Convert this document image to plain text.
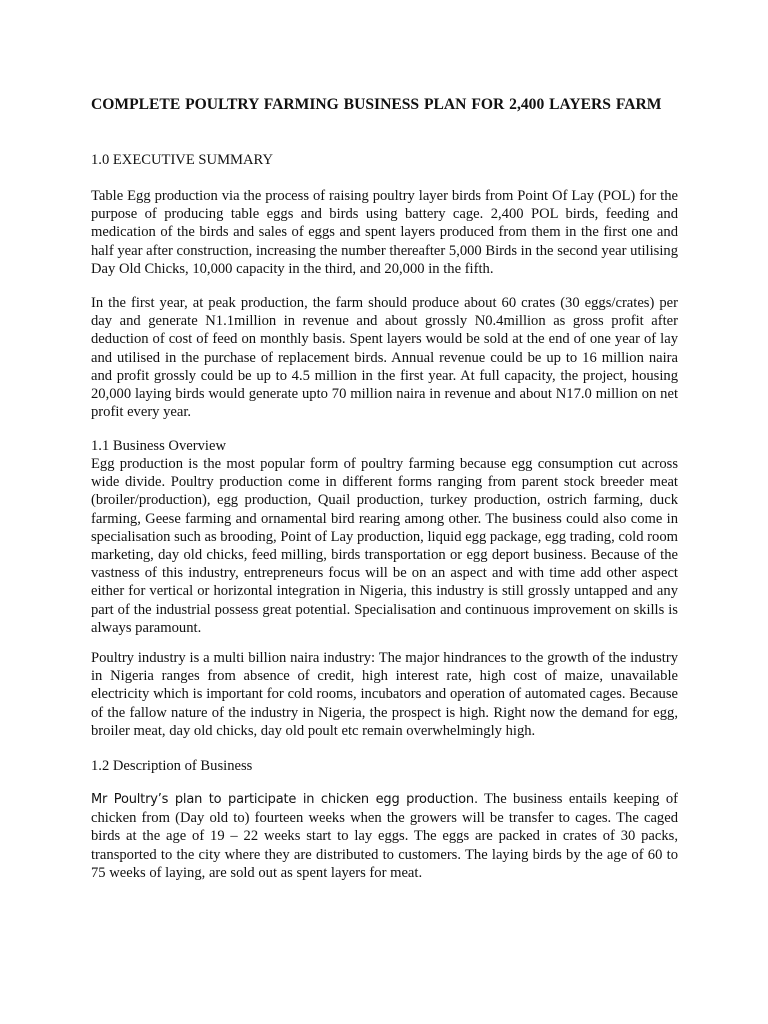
COMPLETE POULTRY FARMING BUSINESS PLAN FOR 2,400 LAYERS FARM
1.0 EXECUTIVE SUMMARY

Table Egg production via the process of raising poultry layer birds from Point Of Lay (POL) for the purpose of producing table eggs and birds using battery cage. 2,400 POL birds, feeding and medication of the birds and sales of eggs and spent layers produced from them in the first one and half year after construction, increasing the number thereafter 5,000 Birds in the second year utilising Day Old Chicks, 10,000 capacity in the third, and 20,000 in the fifth.

In the first year, at peak production, the farm should produce about 60 crates (30 eggs/crates) per day and generate N1.1million in revenue and about grossly N0.4million as gross profit after deduction of cost of feed on monthly basis. Spent layers would be sold at the end of one year of lay and utilised in the purchase of replacement birds. Annual revenue could be up to 16 million naira and profit grossly could be up to 4.5 million in the first year. At full capacity, the project, housing 20,000 laying birds would generate upto 70 million naira in revenue and about N17.0 million on net profit every year.

1.1 Business Overview

Egg production is the most popular form of poultry farming because egg consumption cut across wide divide. Poultry production come in different forms ranging from parent stock breeder meat (broiler/production), egg production, Quail production, turkey production, ostrich farming, duck farming, Geese farming and ornamental bird rearing among other. The business could also come in specialisation such as brooding, Point of Lay production, liquid egg package, egg trading, cold room marketing, day old chicks, feed milling, birds transportation or egg deport business. Because of the vastness of this industry, entrepreneurs focus will be on an aspect and with time add other aspect either for vertical or horizontal integration in Nigeria, this industry is still grossly untapped and any part of the industrial possess great potential. Specialisation and continuous improvement on skills is always paramount.

Poultry industry is a multi billion naira industry: The major hindrances to the growth of the industry in Nigeria ranges from absence of credit, high interest rate, high cost of maize, unavailable electricity which is important for cold rooms, incubators and operation of automated cages. Because of the fallow nature of the industry in Nigeria, the prospect is high. Right now the demand for egg, broiler meat, day old chicks, day old poult etc remain overwhelmingly high.

1.2 Description of Business

Mr Poultry’s plan to participate in chicken egg production. The business entails keeping of chicken from (Day old to) fourteen weeks when the growers will be transfer to cages. The caged birds at the age of 19 – 22 weeks start to lay eggs. The eggs are packed in crates of 30 packs, transported to the city where they are distributed to customers. The laying birds by the age of 60 to 75 weeks of laying, are sold out as spent layers for meat.
